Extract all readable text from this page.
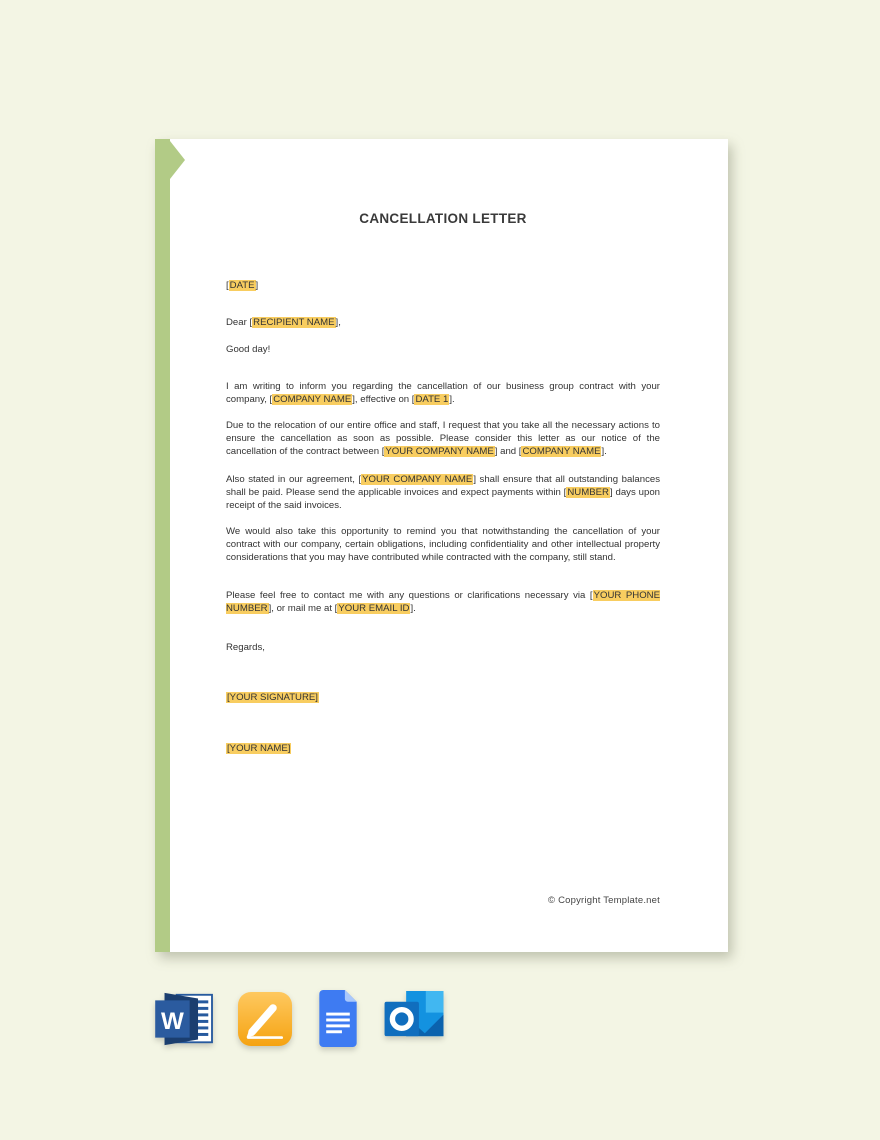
CANCELLATION LETTER

[DATE]

Dear [RECIPIENT NAME],

Good day!

I am writing to inform you regarding the cancellation of our business group contract with your company, [COMPANY NAME], effective on [DATE 1].

Due to the relocation of our entire office and staff, I request that you take all the necessary actions to ensure the cancellation as soon as possible. Please consider this letter as our notice of the cancellation of the contract between [YOUR COMPANY NAME] and [COMPANY NAME].

Also stated in our agreement, [YOUR COMPANY NAME] shall ensure that all outstanding balances shall be paid. Please send the applicable invoices and expect payments within [NUMBER] days upon receipt of the said invoices.

We would also take this opportunity to remind you that notwithstanding the cancellation of your contract with our company, certain obligations, including confidentiality and other intellectual property considerations that you may have contributed while contracted with the company, still stand.

Please feel free to contact me with any questions or clarifications necessary via [YOUR PHONE NUMBER], or mail me at [YOUR EMAIL ID].

Regards,

[YOUR SIGNATURE]

[YOUR NAME]

© Copyright Template.net
W
